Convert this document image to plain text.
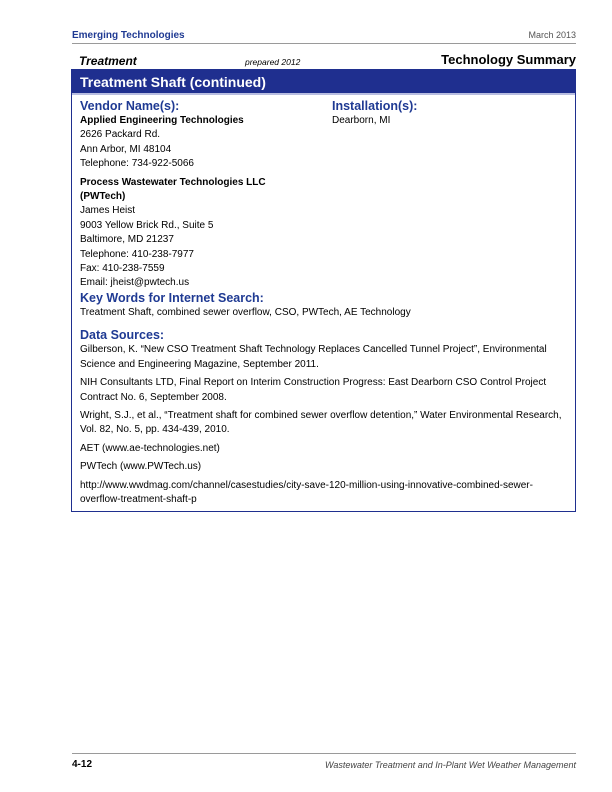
Emerging Technologies	March 2013
Treatment	prepared 2012	Technology Summary
Treatment Shaft (continued)

Vendor Name(s):

Applied Engineering Technologies

2626 Packard Rd.

Ann Arbor, MI 48104

Telephone: 734-922-5066

Process Wastewater Technologies LLC

(PWTech)

James Heist

9003 Yellow Brick Rd., Suite 5

Baltimore, MD 21237

Telephone: 410-238-7977

Fax: 410-238-7559

Email: jheist@pwtech.us

Installation(s):

Dearborn, MI

Key Words for Internet Search:

Treatment Shaft, combined sewer overflow, CSO, PWTech, AE Technology

Data Sources:

Gilberson, K. “New CSO Treatment Shaft Technology Replaces Cancelled Tunnel Project”, Environmental Science and Engineering Magazine, September 2011.

NIH Consultants LTD, Final Report on Interim Construction Progress: East Dearborn CSO Control Project Contract No. 6, September 2008.

Wright, S.J., et al., “Treatment shaft for combined sewer overflow detention,” Water Environmental Research, Vol. 82, No. 5, pp. 434-439, 2010.

AET (www.ae-technologies.net)

PWTech (www.PWTech.us)

http://www.wwdmag.com/channel/casestudies/city-save-120-million-using-innovative-combined-sewer-overflow-treatment-shaft-p

4-12	Wastewater Treatment and In-Plant Wet Weather Management
